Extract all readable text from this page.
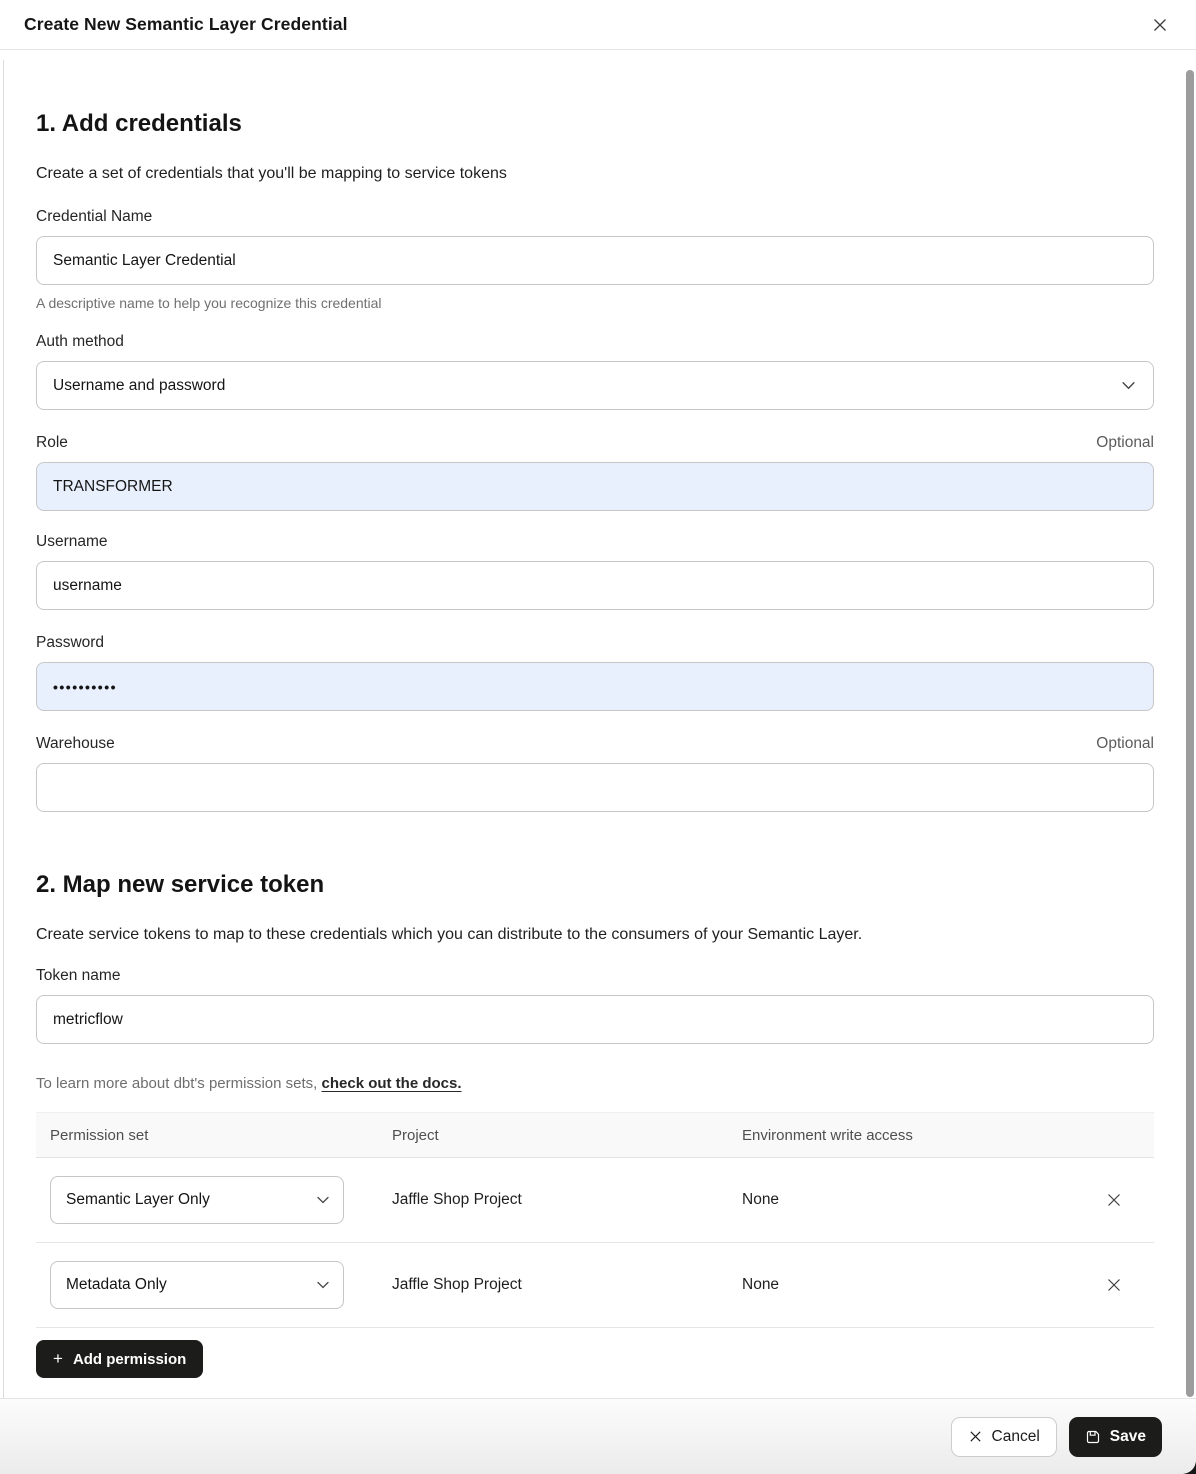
Create New Semantic Layer Credential
1. Add credentials
Create a set of credentials that you'll be mapping to service tokens
Credential Name
Semantic Layer Credential
A descriptive name to help you recognize this credential
Auth method
Username and password
Role	Optional
TRANSFORMER
Username
username
Password
••••••••••
Warehouse	Optional
2. Map new service token
Create service tokens to map to these credentials which you can distribute to the consumers of your Semantic Layer.
Token name
metricflow
To learn more about dbt's permission sets, check out the docs.
Permission set	Project	Environment write access
Semantic Layer Only	Jaffle Shop Project	None
Metadata Only	Jaffle Shop Project	None
+ Add permission
Cancel	Save
